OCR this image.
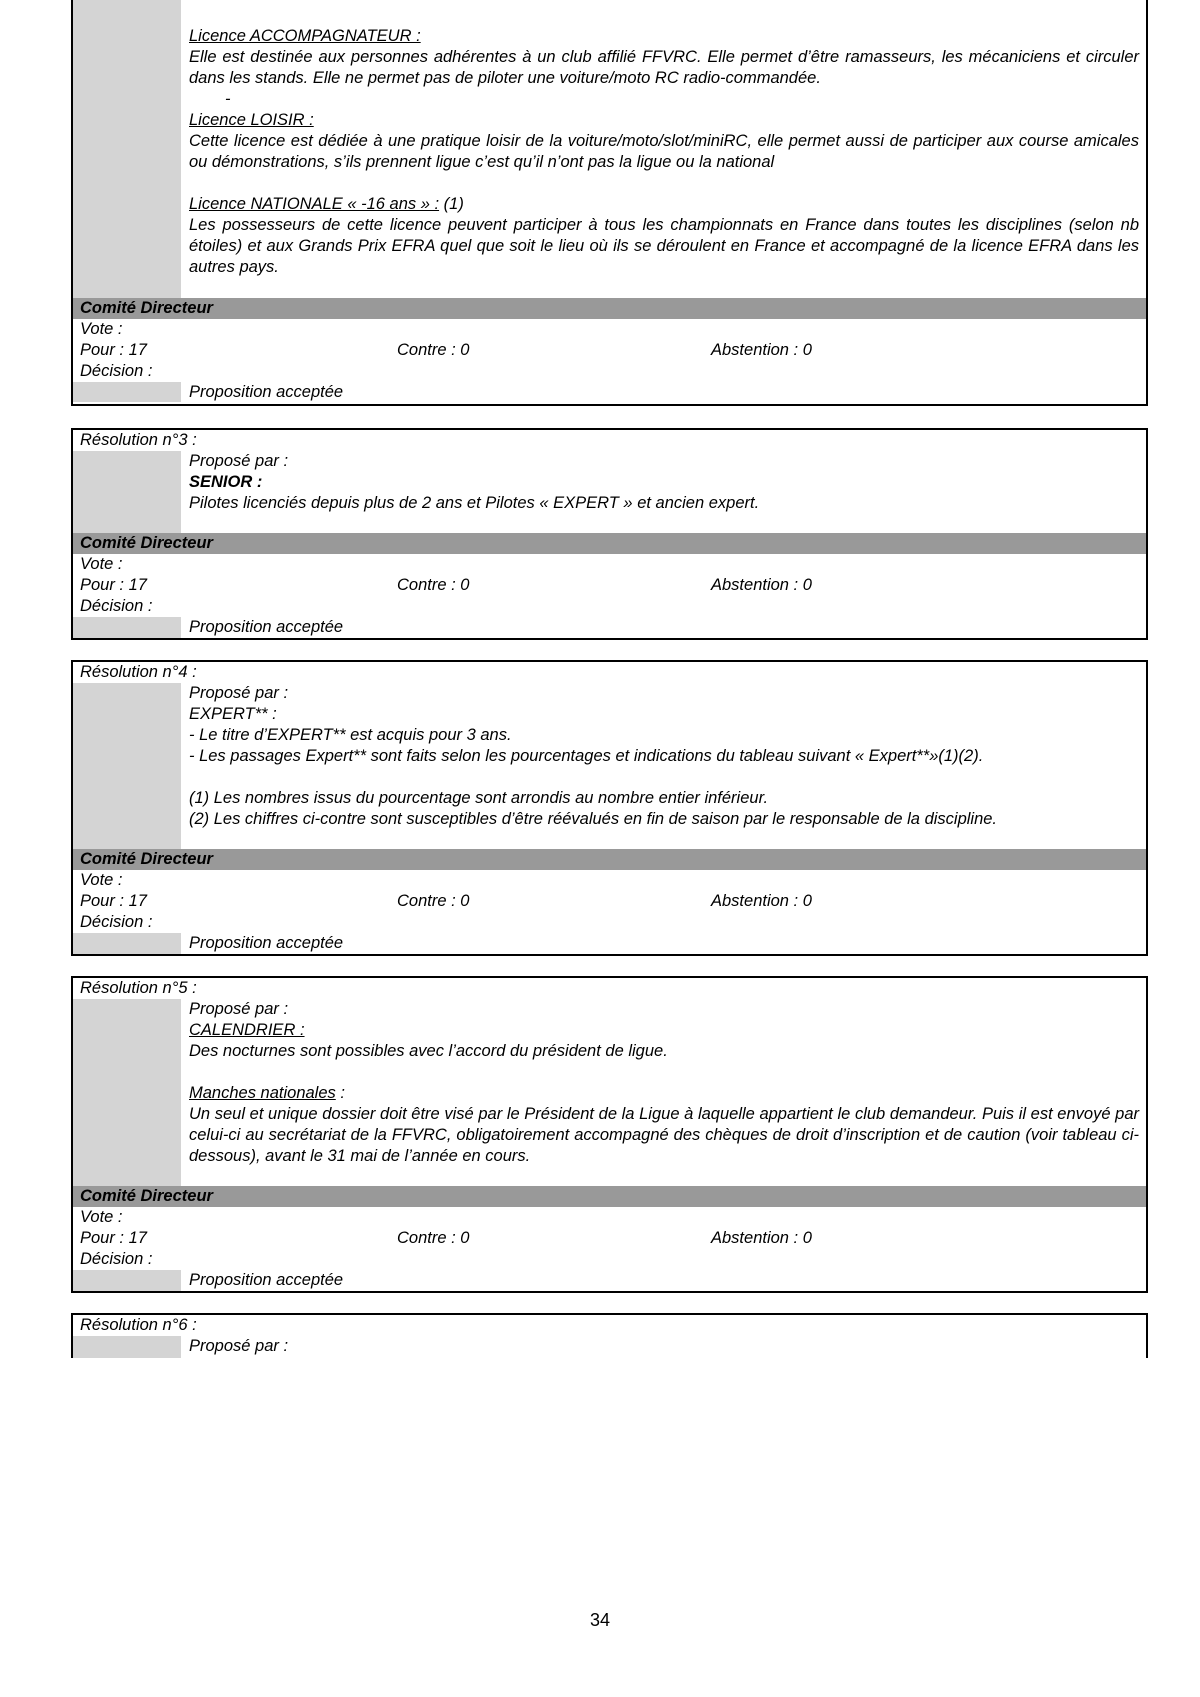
Licence ACCOMPAGNATEUR :

Elle est destinée aux personnes adhérentes à un club affilié FFVRC. Elle permet d’être ramasseurs, les mécaniciens et circuler dans les stands. Elle ne permet pas de piloter une voiture/moto RC radio-commandée.

-

Licence LOISIR :

Cette licence est dédiée à une pratique loisir de la voiture/moto/slot/miniRC, elle permet aussi de participer aux course amicales ou démonstrations, s’ils prennent ligue c’est qu’il n’ont pas la ligue ou la national

Licence NATIONALE « -16 ans » : (1)

Les possesseurs de cette licence peuvent participer à tous les championnats en France dans toutes les disciplines (selon nb étoiles) et aux Grands Prix EFRA quel que soit le lieu où ils se déroulent en France et accompagné de la licence EFRA dans les autres pays.

Comité Directeur
Vote :
Pour : 17	Contre : 0	Abstention : 0
Décision :
Proposition acceptée
Résolution n°3 :

Proposé par :

SENIOR :

Pilotes licenciés depuis plus de 2 ans et Pilotes « EXPERT » et ancien expert.

Comité Directeur
Vote :
Pour : 17	Contre : 0	Abstention : 0
Décision :
Proposition acceptée
Résolution n°4 :

Proposé par :

EXPERT** :

- Le titre d’EXPERT** est acquis pour 3 ans.

- Les passages Expert** sont faits selon les pourcentages et indications du tableau suivant « Expert**»(1)(2).

(1) Les nombres issus du pourcentage sont arrondis au nombre entier inférieur.

(2) Les chiffres ci-contre sont susceptibles d’être réévalués en fin de saison par le responsable de la discipline.

Comité Directeur
Vote :
Pour : 17	Contre : 0	Abstention : 0
Décision :
Proposition acceptée
Résolution n°5 :

Proposé par :

CALENDRIER :

Des nocturnes sont possibles avec l’accord du président de ligue.

Manches nationales :

Un seul et unique dossier doit être visé par le Président de la Ligue à laquelle appartient le club demandeur. Puis il est envoyé par celui-ci au secrétariat de la FFVRC, obligatoirement accompagné des chèques de droit d’inscription et de caution (voir tableau ci-dessous), avant le 31 mai de l’année en cours.

Comité Directeur
Vote :
Pour : 17	Contre : 0	Abstention : 0
Décision :
Proposition acceptée
Résolution n°6 :
Proposé par :
34
